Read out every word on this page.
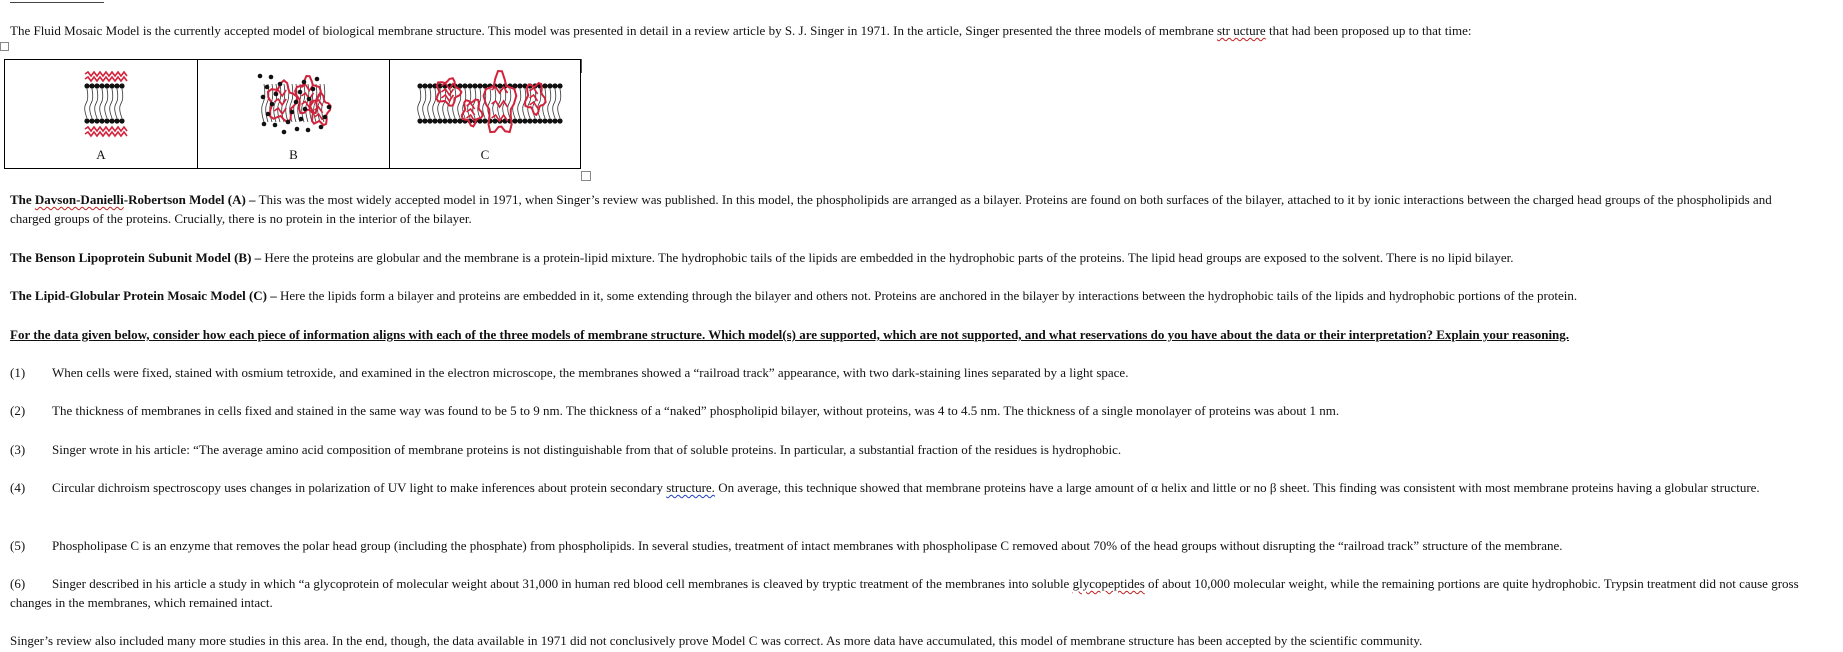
The Fluid Mosaic Model is the currently accepted model of biological membrane structure. This model was presented in detail in a review article by S. J. Singer in 1971. In the article, Singer presented the three models of membrane str ucture that had been proposed up to that time:

A	B	C

The Davson-Danielli-Robertson Model (A) – This was the most widely accepted model in 1971, when Singer’s review was published. In this model, the phospholipids are arranged as a bilayer. Proteins are found on both surfaces of the bilayer, attached to it by ionic interactions between the charged head groups of the phospholipids and charged groups of the proteins. Crucially, there is no protein in the interior of the bilayer.

The Benson Lipoprotein Subunit Model (B) – Here the proteins are globular and the membrane is a protein-lipid mixture. The hydrophobic tails of the lipids are embedded in the hydrophobic parts of the proteins. The lipid head groups are exposed to the solvent. There is no lipid bilayer.

The Lipid-Globular Protein Mosaic Model (C) – Here the lipids form a bilayer and proteins are embedded in it, some extending through the bilayer and others not. Proteins are anchored in the bilayer by interactions between the hydrophobic tails of the lipids and hydrophobic portions of the protein.

For the data given below, consider how each piece of information aligns with each of the three models of membrane structure. Which model(s) are supported, which are not supported, and what reservations do you have about the data or their interpretation? Explain your reasoning.

(1) When cells were fixed, stained with osmium tetroxide, and examined in the electron microscope, the membranes showed a “railroad track” appearance, with two dark-staining lines separated by a light space.

(2) The thickness of membranes in cells fixed and stained in the same way was found to be 5 to 9 nm. The thickness of a “naked” phospholipid bilayer, without proteins, was 4 to 4.5 nm. The thickness of a single monolayer of proteins was about 1 nm.

(3) Singer wrote in his article: “The average amino acid composition of membrane proteins is not distinguishable from that of soluble proteins. In particular, a substantial fraction of the residues is hydrophobic.

(4) Circular dichroism spectroscopy uses changes in polarization of UV light to make inferences about protein secondary structure. On average, this technique showed that membrane proteins have a large amount of α helix and little or no β sheet. This finding was consistent with most membrane proteins having a globular structure.

(5) Phospholipase C is an enzyme that removes the polar head group (including the phosphate) from phospholipids. In several studies, treatment of intact membranes with phospholipase C removed about 70% of the head groups without disrupting the “railroad track” structure of the membrane.

(6) Singer described in his article a study in which “a glycoprotein of molecular weight about 31,000 in human red blood cell membranes is cleaved by tryptic treatment of the membranes into soluble glycopeptides of about 10,000 molecular weight, while the remaining portions are quite hydrophobic. Trypsin treatment did not cause gross changes in the membranes, which remained intact.

Singer’s review also included many more studies in this area. In the end, though, the data available in 1971 did not conclusively prove Model C was correct. As more data have accumulated, this model of membrane structure has been accepted by the scientific community.
